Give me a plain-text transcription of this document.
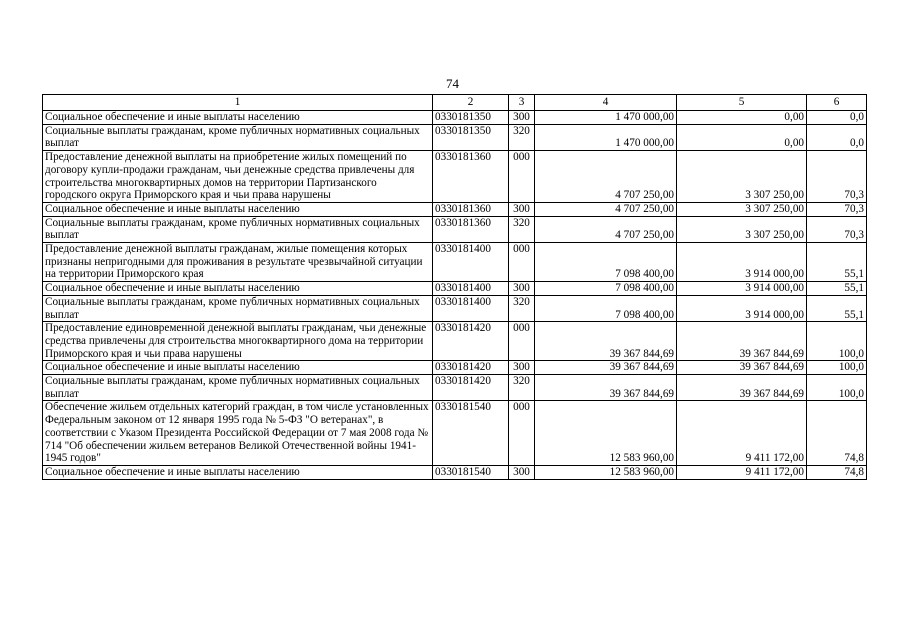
74
1	2	3	4	5	6
Социальное обеспечение и иные выплаты населению	0330181350	300	1 470 000,00	0,00	0,0
Социальные выплаты гражданам, кроме публичных нормативных социальных выплат	0330181350	320	1 470 000,00	0,00	0,0
Предоставление денежной выплаты на приобретение жилых помещений по договору купли-продажи гражданам, чьи денежные средства привлечены для строительства многоквартирных домов на территории Партизанского городского округа Приморского края и чьи права нарушены	0330181360	000	4 707 250,00	3 307 250,00	70,3
Социальное обеспечение и иные выплаты населению	0330181360	300	4 707 250,00	3 307 250,00	70,3
Социальные выплаты гражданам, кроме публичных нормативных социальных выплат	0330181360	320	4 707 250,00	3 307 250,00	70,3
Предоставление денежной выплаты гражданам, жилые помещения которых признаны непригодными для проживания в результате чрезвычайной ситуации на территории Приморского края	0330181400	000	7 098 400,00	3 914 000,00	55,1
Социальное обеспечение и иные выплаты населению	0330181400	300	7 098 400,00	3 914 000,00	55,1
Социальные выплаты гражданам, кроме публичных нормативных социальных выплат	0330181400	320	7 098 400,00	3 914 000,00	55,1
Предоставление единовременной денежной выплаты гражданам, чьи денежные средства привлечены для строительства многоквартирного дома на территории Приморского края и чьи права нарушены	0330181420	000	39 367 844,69	39 367 844,69	100,0
Социальное обеспечение и иные выплаты населению	0330181420	300	39 367 844,69	39 367 844,69	100,0
Социальные выплаты гражданам, кроме публичных нормативных социальных выплат	0330181420	320	39 367 844,69	39 367 844,69	100,0
Обеспечение жильем отдельных категорий граждан, в том числе установленных Федеральным законом от 12 января 1995 года № 5-ФЗ "О ветеранах", в соответствии с Указом Президента Российской Федерации от 7 мая 2008 года № 714 "Об обеспечении жильем ветеранов Великой Отечественной войны 1941-1945 годов"	0330181540	000	12 583 960,00	9 411 172,00	74,8
Социальное обеспечение и иные выплаты населению	0330181540	300	12 583 960,00	9 411 172,00	74,8
